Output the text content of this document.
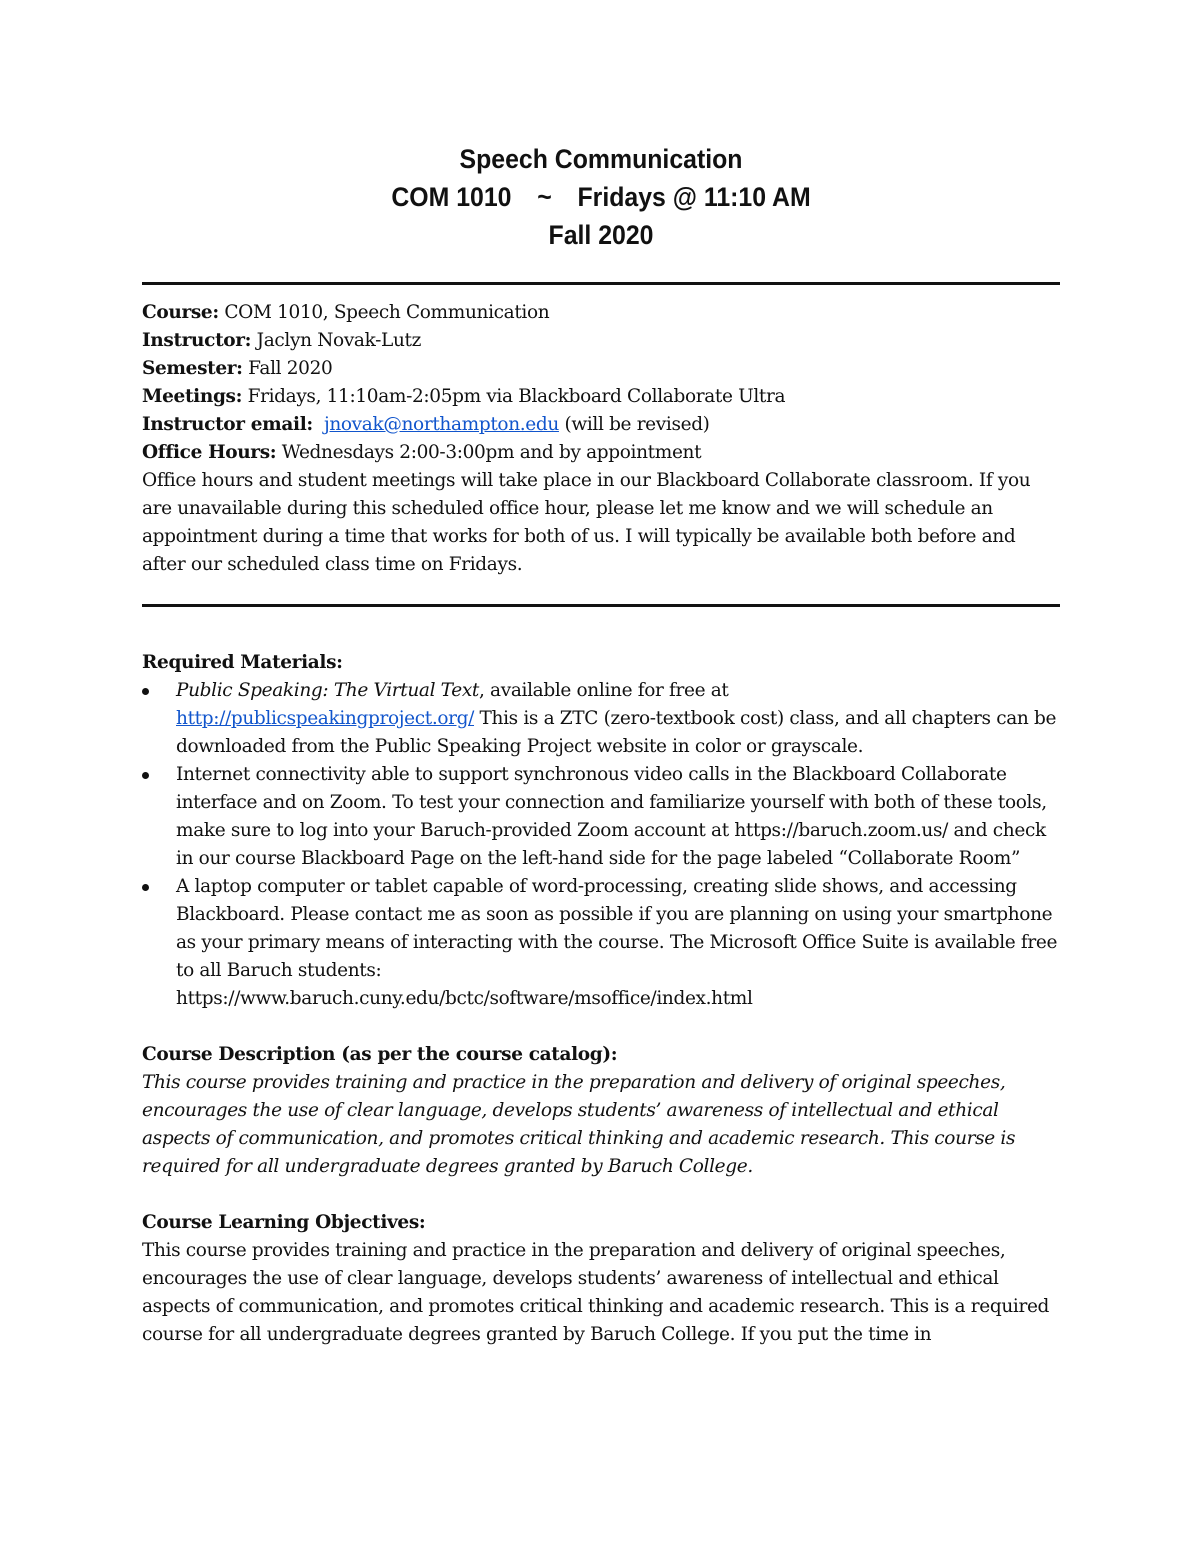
Speech Communication
COM 1010 ~ Fridays @ 11:10 AM
Fall 2020
Course: COM 1010, Speech Communication
Instructor: Jaclyn Novak-Lutz
Semester: Fall 2020
Meetings: Fridays, 11:10am-2:05pm via Blackboard Collaborate Ultra
Instructor email: jnovak@northampton.edu (will be revised)
Office Hours: Wednesdays 2:00-3:00pm and by appointment
Office hours and student meetings will take place in our Blackboard Collaborate classroom. If you are unavailable during this scheduled office hour, please let me know and we will schedule an appointment during a time that works for both of us. I will typically be available both before and after our scheduled class time on Fridays.
Required Materials:
Public Speaking: The Virtual Text, available online for free at
http://publicspeakingproject.org/ This is a ZTC (zero-textbook cost) class, and all chapters can be downloaded from the Public Speaking Project website in color or grayscale.
Internet connectivity able to support synchronous video calls in the Blackboard Collaborate interface and on Zoom. To test your connection and familiarize yourself with both of these tools, make sure to log into your Baruch-provided Zoom account at https://baruch.zoom.us/ and check in our course Blackboard Page on the left-hand side for the page labeled “Collaborate Room”
A laptop computer or tablet capable of word-processing, creating slide shows, and accessing Blackboard. Please contact me as soon as possible if you are planning on using your smartphone as your primary means of interacting with the course. The Microsoft Office Suite is available free to all Baruch students:
https://www.baruch.cuny.edu/bctc/software/msoffice/index.html
Course Description (as per the course catalog):
This course provides training and practice in the preparation and delivery of original speeches, encourages the use of clear language, develops students’ awareness of intellectual and ethical aspects of communication, and promotes critical thinking and academic research. This course is required for all undergraduate degrees granted by Baruch College.
Course Learning Objectives:
This course provides training and practice in the preparation and delivery of original speeches, encourages the use of clear language, develops students’ awareness of intellectual and ethical aspects of communication, and promotes critical thinking and academic research. This is a required course for all undergraduate degrees granted by Baruch College. If you put the time in
